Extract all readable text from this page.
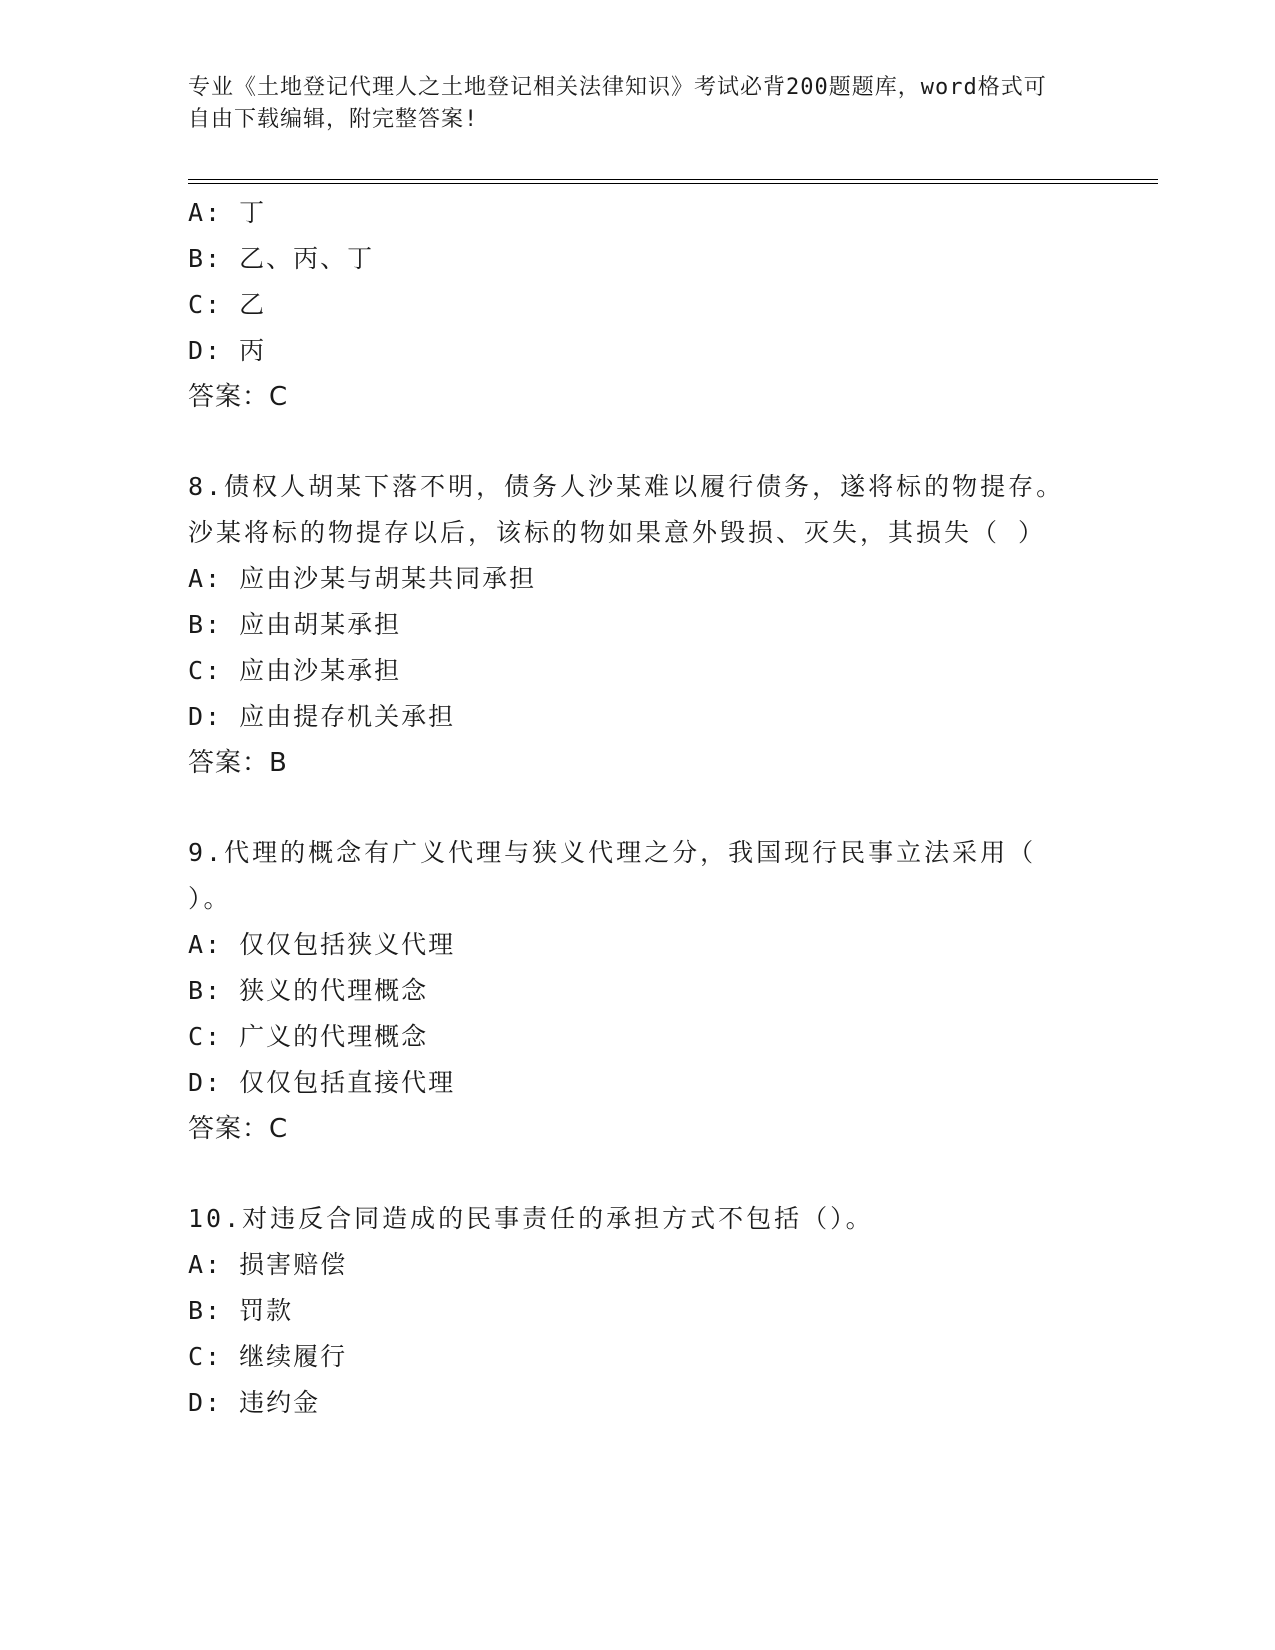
专业《土地登记代理人之土地登记相关法律知识》考试必背200题题库，word格式可自由下载编辑，附完整答案!
A: 丁
B: 乙、丙、丁
C: 乙
D: 丙
答案：C
8.债权人胡某下落不明，债务人沙某难以履行债务，遂将标的物提存。沙某将标的物提存以后，该标的物如果意外毁损、灭失，其损失（ ）
A: 应由沙某与胡某共同承担
B: 应由胡某承担
C: 应由沙某承担
D: 应由提存机关承担
答案：B
9.代理的概念有广义代理与狭义代理之分，我国现行民事立法采用（ ）。
A: 仅仅包括狭义代理
B: 狭义的代理概念
C: 广义的代理概念
D: 仅仅包括直接代理
答案：C
10.对违反合同造成的民事责任的承担方式不包括（）。
A: 损害赔偿
B: 罚款
C: 继续履行
D: 违约金
